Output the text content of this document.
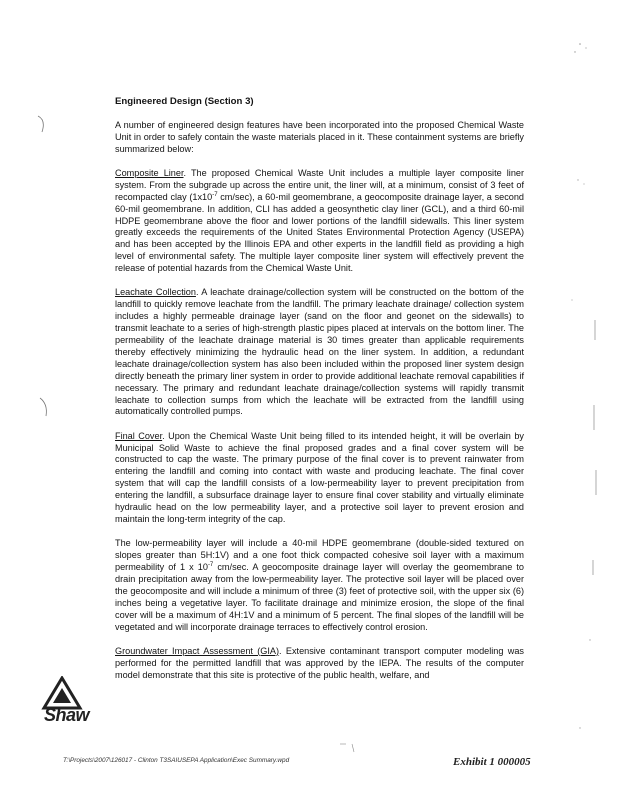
Engineered Design (Section 3)

A number of engineered design features have been incorporated into the proposed Chemical Waste Unit in order to safely contain the waste materials placed in it. These containment systems are briefly summarized below:

Composite Liner. The proposed Chemical Waste Unit includes a multiple layer composite liner system. From the subgrade up across the entire unit, the liner will, at a minimum, consist of 3 feet of recompacted clay ($1x10^{-7}$ cm/sec), a 60-mil geomembrane, a geocomposite drainage layer, a second 60-mil geomembrane. In addition, CLI has added a geosynthetic clay liner (GCL), and a third 60-mil HDPE geomembrane above the floor and lower portions of the landfill sidewalls. This liner system greatly exceeds the requirements of the United States Environmental Protection Agency (USEPA) and has been accepted by the Illinois EPA and other experts in the landfill field as providing a high level of environmental safety. The multiple layer composite liner system will effectively prevent the release of potential hazards from the Chemical Waste Unit.

Leachate Collection. A leachate drainage/collection system will be constructed on the bottom of the landfill to quickly remove leachate from the landfill. The primary leachate drainage/ collection system includes a highly permeable drainage layer (sand on the floor and geonet on the sidewalls) to transmit leachate to a series of high-strength plastic pipes placed at intervals on the bottom liner. The permeability of the leachate drainage material is 30 times greater than applicable requirements thereby effectively minimizing the hydraulic head on the liner system. In addition, a redundant leachate drainage/collection system has also been included within the proposed liner system design directly beneath the primary liner system in order to provide additional leachate removal capabilities if necessary. The primary and redundant leachate drainage/collection systems will rapidly transmit leachate to collection sumps from which the leachate will be extracted from the landfill using automatically controlled pumps.

Final Cover. Upon the Chemical Waste Unit being filled to its intended height, it will be overlain by Municipal Solid Waste to achieve the final proposed grades and a final cover system will be constructed to cap the waste. The primary purpose of the final cover is to prevent rainwater from entering the landfill and coming into contact with waste and producing leachate. The final cover system that will cap the landfill consists of a low-permeability layer to prevent precipitation from entering the landfill, a subsurface drainage layer to ensure final cover stability and virtually eliminate hydraulic head on the low permeability layer, and a protective soil layer to prevent erosion and maintain the long-term integrity of the cap.

The low-permeability layer will include a 40-mil HDPE geomembrane (double-sided textured on slopes greater than 5H:1V) and a one foot thick compacted cohesive soil layer with a maximum permeability of 1 x $10^{-7}$ cm/sec. A geocomposite drainage layer will overlay the geomembrane to drain precipitation away from the low-permeability layer. The protective soil layer will be placed over the geocomposite and will include a minimum of three (3) feet of protective soil, with the upper six (6) inches being a vegetative layer. To facilitate drainage and minimize erosion, the slope of the final cover will be a maximum of 4H:1V and a minimum of 5 percent. The final slopes of the landfill will be vegetated and will incorporate drainage terraces to effectively control erosion.

Groundwater Impact Assessment (GIA). Extensive contaminant transport computer modeling was performed for the permitted landfill that was approved by the IEPA. The results of the computer model demonstrate that this site is protective of the public health, welfare, and

Shaw
T:\Projects\2007\126017 - Clinton T3SAIUSEPA Application\Exec Summary.wpd	Exhibit 1 000005
